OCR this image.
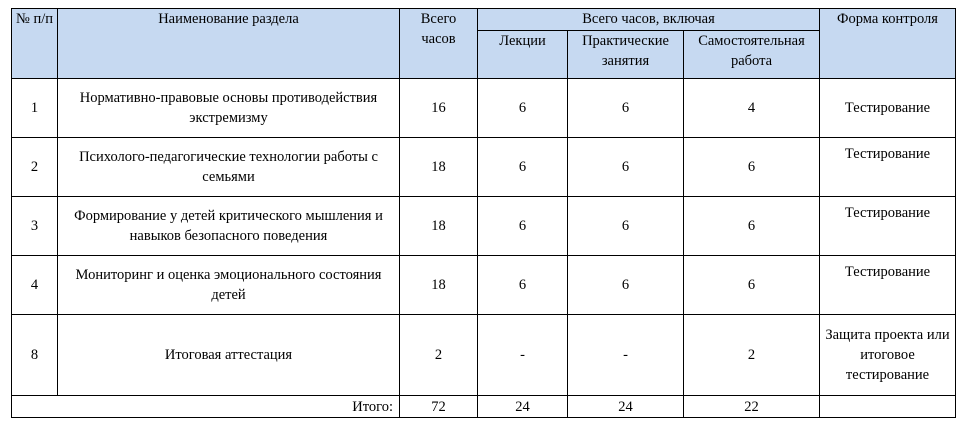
№ п/п	Наименование раздела	Всего часов	Всего часов, включая			Форма контроля
			Лекции	Практические занятия	Самостоятельная работа	
1	Нормативно-правовые основы противодействия экстремизму	16	6	6	4	Тестирование
2	Психолого-педагогические технологии работы с семьями	18	6	6	6	Тестирование
3	Формирование у детей критического мышления и навыков безопасного поведения	18	6	6	6	Тестирование
4	Мониторинг и оценка эмоционального состояния детей	18	6	6	6	Тестирование
8	Итоговая аттестация	2	-	-	2	Защита проекта или итоговое тестирование
Итого:		72	24	24	22	
